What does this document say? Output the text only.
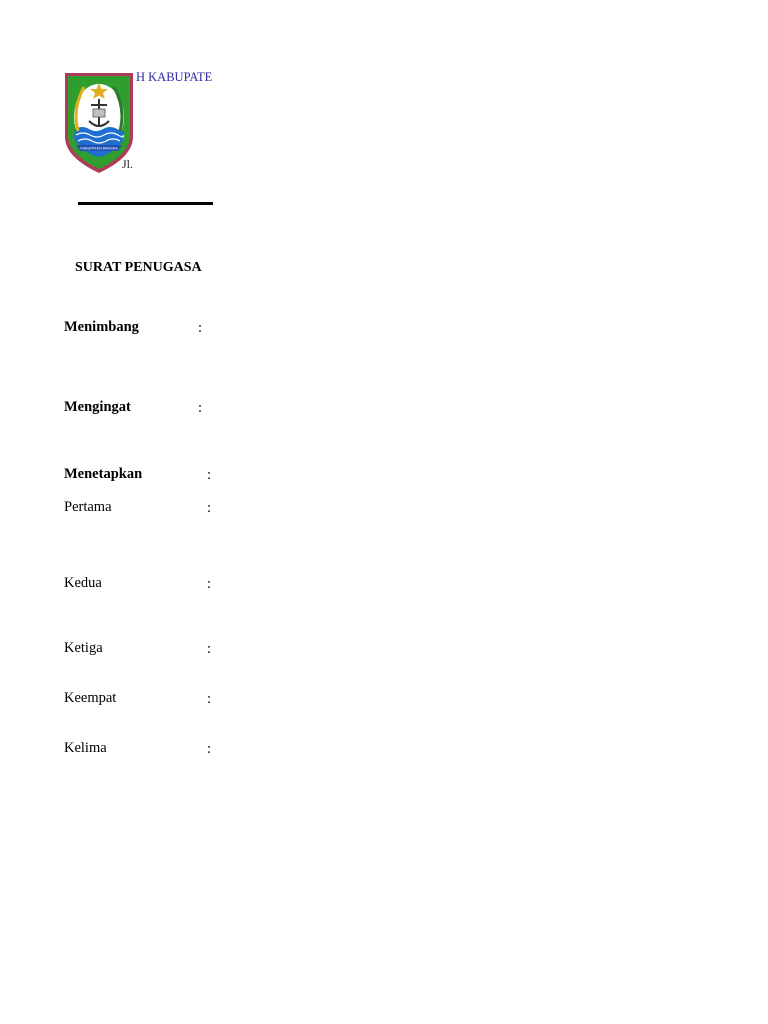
KABUPATEN BANGKA
H KABUPATE
Jl.
SURAT PENUGASA
Menimbang	:
Mengingat	:
Menetapkan	:
Pertama	:
Kedua	:
Ketiga	:
Keempat	:
Kelima	:
